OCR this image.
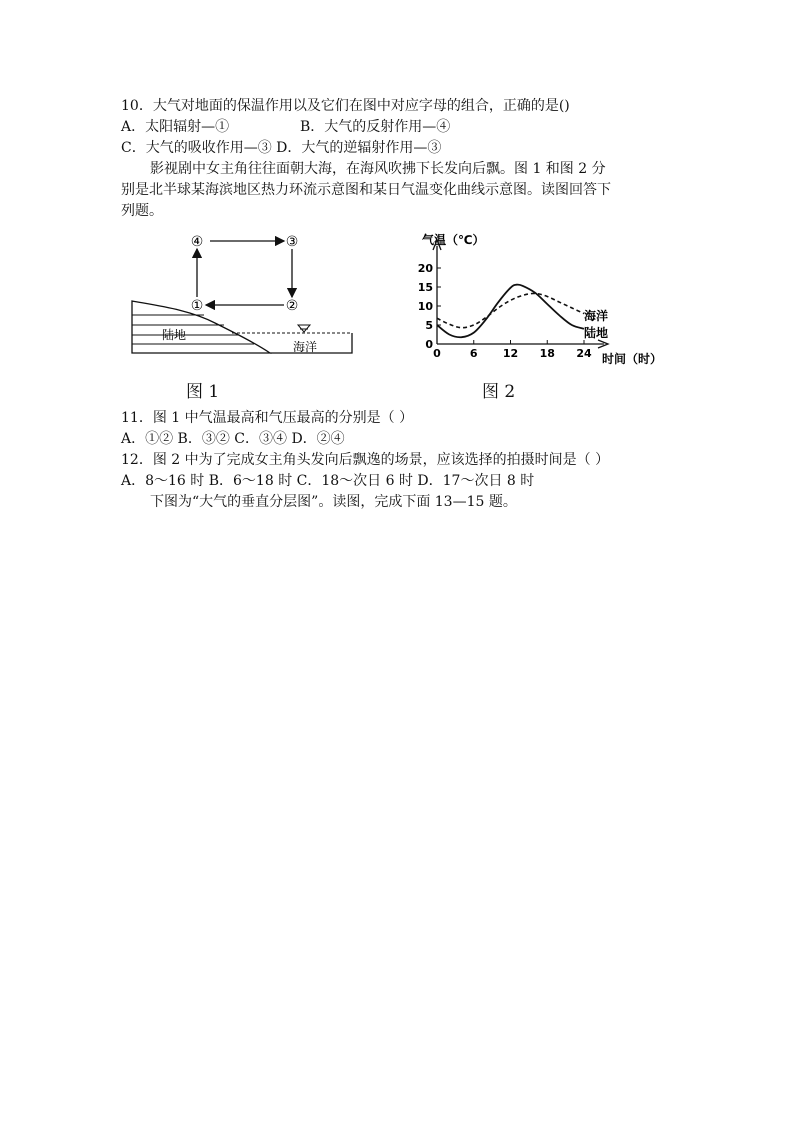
10．大气对地面的保温作用以及它们在图中对应字母的组合，正确的是()
A．太阳辐射—①	B．大气的反射作用—④
C．大气的吸收作用—③ D．大气的逆辐射作用—③
影视剧中女主角往往面朝大海，在海风吹拂下长发向后飘。图 1 和图 2 分
别是北半球某海滨地区热力环流示意图和某日气温变化曲线示意图。读图回答下
列题。
④	③
①	②
陆地
海洋
图 1
气温（℃）
时间（时）
0	6 12 18 24
0
5
10
15
20
海洋
陆地
图 2
11．图 1 中气温最高和气压最高的分别是（ ）
A．①② B．③② C．③④ D．②④
12．图 2 中为了完成女主角头发向后飘逸的场景，应该选择的拍摄时间是（ ）
A．8～16 时 B．6～18 时 C．18～次日 6 时 D．17～次日 8 时
下图为“大气的垂直分层图”。读图，完成下面 13—15 题。
